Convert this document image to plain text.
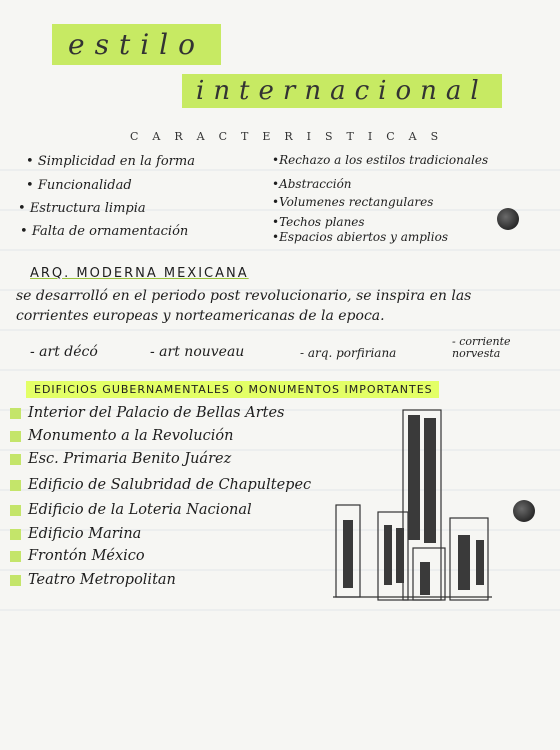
estilo
internacional
CARACTERISTICAS
• Simplicidad en la forma
• Funcionalidad
• Estructura limpia
• Falta de ornamentación
•Rechazo a los estilos tradicionales
•Abstracción
•Volumenes rectangulares
•Techos planes
•Espacios abiertos y amplios
ARQ. MODERNA MEXICANA
se desarrolló en el periodo post revolucionario, se inspira en las
corrientes europeas y norteamericanas de la epoca.
- art décó	- art nouveau	- arq. porfiriana
- corriente norvesta
EDIFICIOS GUBERNAMENTALES O MONUMENTOS IMPORTANTES
Interior del Palacio de Bellas Artes
Monumento a la Revolución
Esc. Primaria Benito Juárez
Edificio de Salubridad de Chapultepec
Edificio de la Loteria Nacional
Edificio Marina
Frontón México
Teatro Metropolitan
